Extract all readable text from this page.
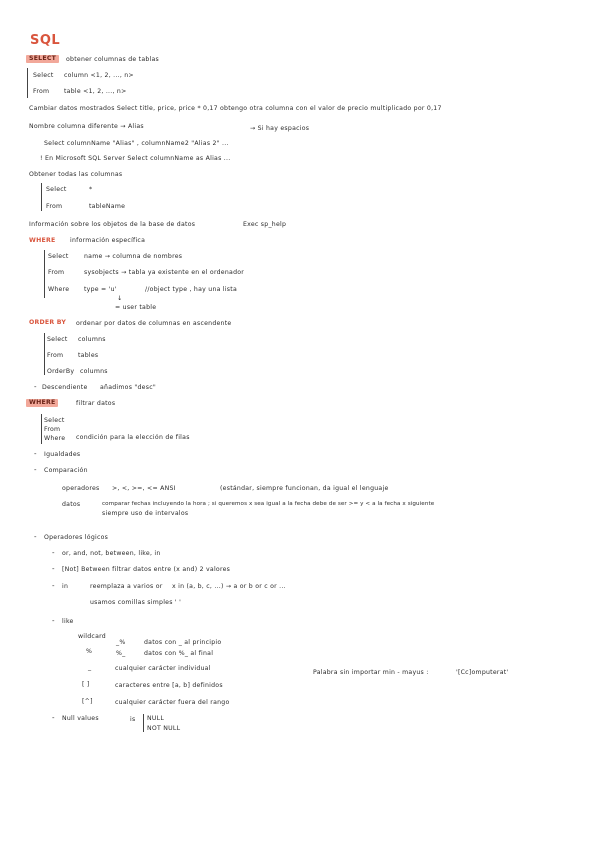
SQL
SELECT	obtener columnas de tablas
Select column <1, 2, ..., n>
From table <1, 2, ..., n>
Cambiar datos mostrados Select title, price, price * 0,17 obtengo otra columna con el valor de precio multiplicado por 0,17
Nombre columna diferente → Alias	→ Si hay espacios
Select columnName "Alias" , columnName2 "Alias 2" ...
! En Microsoft SQL Server Select columnName as Alias ...
Obtener todas las columnas
Select	*
From	tableName
Información sobre los objetos de la base de datos	Exec sp_help
WHERE información específica
Select name → columna de nombres
From	sysobjects → tabla ya existente en el ordenador
Where type = 'u'	//object type , hay una lista
↓
= user table
ORDER BY ordenar por datos de columnas en ascendente
Select columns
From tables
OrderBy columns
- Descendiente añadimos "desc"
WHERE	filtrar datos
Select
From
Where condición para la elección de filas
- Igualdades
- Comparación
operadores >, <, >=, <= ANSI	(estándar, siempre funcionan, da igual el lenguaje
datos	comparar fechas incluyendo la hora ; si queremos x sea igual a la fecha debe de ser >= y < a la fecha x siguiente
siempre uso de intervalos
- Operadores lógicos
- or, and, not, between, like, in
- [Not] Between filtrar datos entre (x and) 2 valores
- in	reemplaza a varios or x in (a, b, c, ...) → a or b or c or ...
usamos comillas simples ' '
- like
wildcard
_%	datos con _ al principio
%	%_	datos con %_ al final
_	cualquier carácter individual
[ ]	caracteres entre [a, b] definidos
[^]	cualquier carácter fuera del rango
Palabra sin importar min - mayus :	'[Cc]omputerat'
- Null values	is NULL
NOT NULL
